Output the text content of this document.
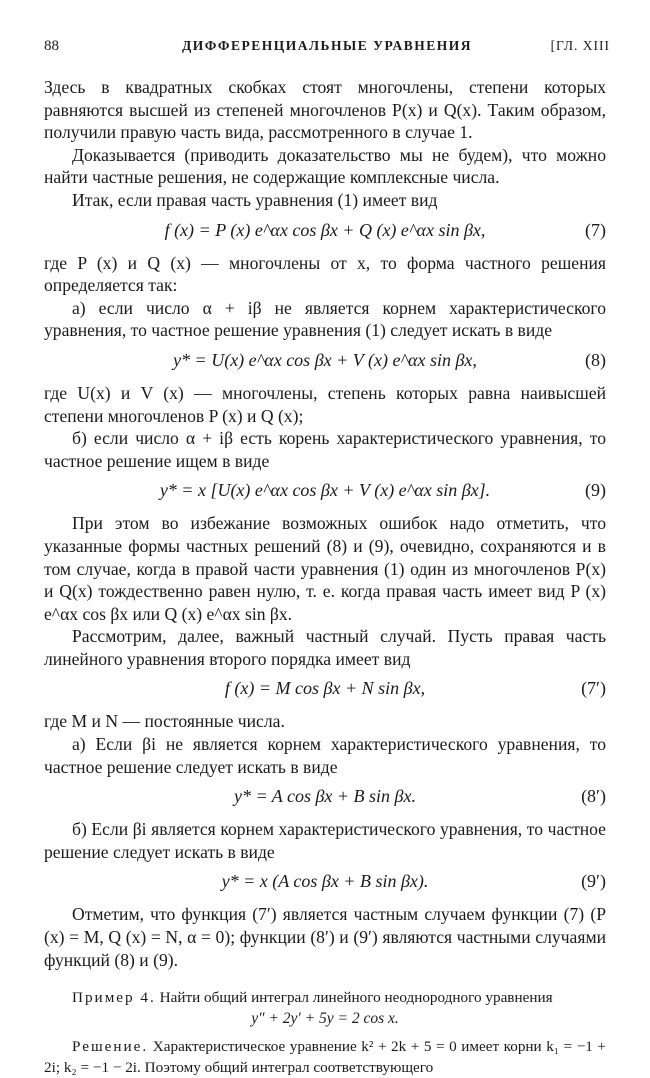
88	ДИФФЕРЕНЦИАЛЬНЫЕ УРАВНЕНИЯ	[ГЛ. XIII

Здесь в квадратных скобках стоят многочлены, степени которых равняются высшей из степеней многочленов P(x) и Q(x). Таким образом, получили правую часть вида, рассмотренного в случае 1.

Доказывается (приводить доказательство мы не будем), что можно найти частные решения, не содержащие комплексные числа.

Итак, если правая часть уравнения (1) имеет вид

f (x) = P (x) e^αx cos βx + Q (x) e^αx sin βx,	(7)

где P (x) и Q (x) — многочлены от x, то форма частного решения определяется так:

а) если число α + iβ не является корнем характеристического уравнения, то частное решение уравнения (1) следует искать в виде

y* = U(x) e^αx cos βx + V (x) e^αx sin βx,	(8)

где U(x) и V (x) — многочлены, степень которых равна наивысшей степени многочленов P (x) и Q (x);

б) если число α + iβ есть корень характеристического уравнения, то частное решение ищем в виде

y* = x [U(x) e^αx cos βx + V (x) e^αx sin βx].	(9)

При этом во избежание возможных ошибок надо отметить, что указанные формы частных решений (8) и (9), очевидно, сохраняются и в том случае, когда в правой части уравнения (1) один из многочленов P(x) и Q(x) тождественно равен нулю, т. е. когда правая часть имеет вид P (x) e^αx cos βx или Q (x) e^αx sin βx.

Рассмотрим, далее, важный частный случай. Пусть правая часть линейного уравнения второго порядка имеет вид

f (x) = M cos βx + N sin βx,	(7′)

где M и N — постоянные числа.

а) Если βi не является корнем характеристического уравнения, то частное решение следует искать в виде

y* = A cos βx + B sin βx.	(8′)

б) Если βi является корнем характеристического уравнения, то частное решение следует искать в виде

y* = x (A cos βx + B sin βx).	(9′)

Отметим, что функция (7′) является частным случаем функции (7) (P (x) = M, Q (x) = N, α = 0); функции (8′) и (9′) являются частными случаями функций (8) и (9).

Пример 4. Найти общий интеграл линейного неоднородного уравнения

y″ + 2y′ + 5y = 2 cos x.

Решение. Характеристическое уравнение k² + 2k + 5 = 0 имеет корни k₁ = −1 + 2i; k₂ = −1 − 2i. Поэтому общий интеграл соответствующего
